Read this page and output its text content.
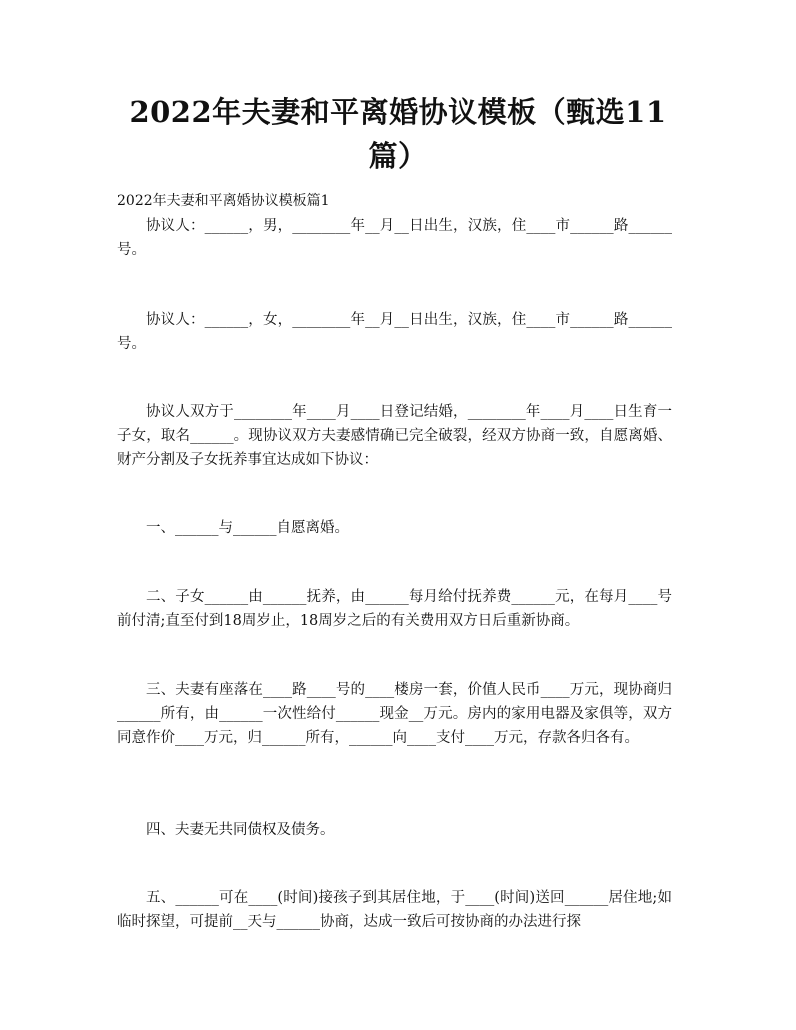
2022年夫妻和平离婚协议模板（甄选11篇）
2022年夫妻和平离婚协议模板篇1
协议人：______，男，________年__月__日出生，汉族，住____市______路______号。
协议人：______，女，________年__月__日出生，汉族，住____市______路______号。
协议人双方于________年____月____日登记结婚，________年____月____日生育一子女，取名______。现协议双方夫妻感情确已完全破裂，经双方协商一致，自愿离婚、财产分割及子女抚养事宜达成如下协议：
一、______与______自愿离婚。
二、子女______由______抚养，由______每月给付抚养费______元，在每月____号前付清;直至付到18周岁止，18周岁之后的有关费用双方日后重新协商。
三、夫妻有座落在____路____号的____楼房一套，价值人民币____万元，现协商归______所有，由______一次性给付______现金__万元。房内的家用电器及家俱等，双方同意作价____万元，归______所有，______向____支付____万元，存款各归各有。
四、夫妻无共同债权及债务。
五、______可在____(时间)接孩子到其居住地，于____(时间)送回______居住地;如临时探望，可提前__天与______协商，达成一致后可按协商的办法进行探
